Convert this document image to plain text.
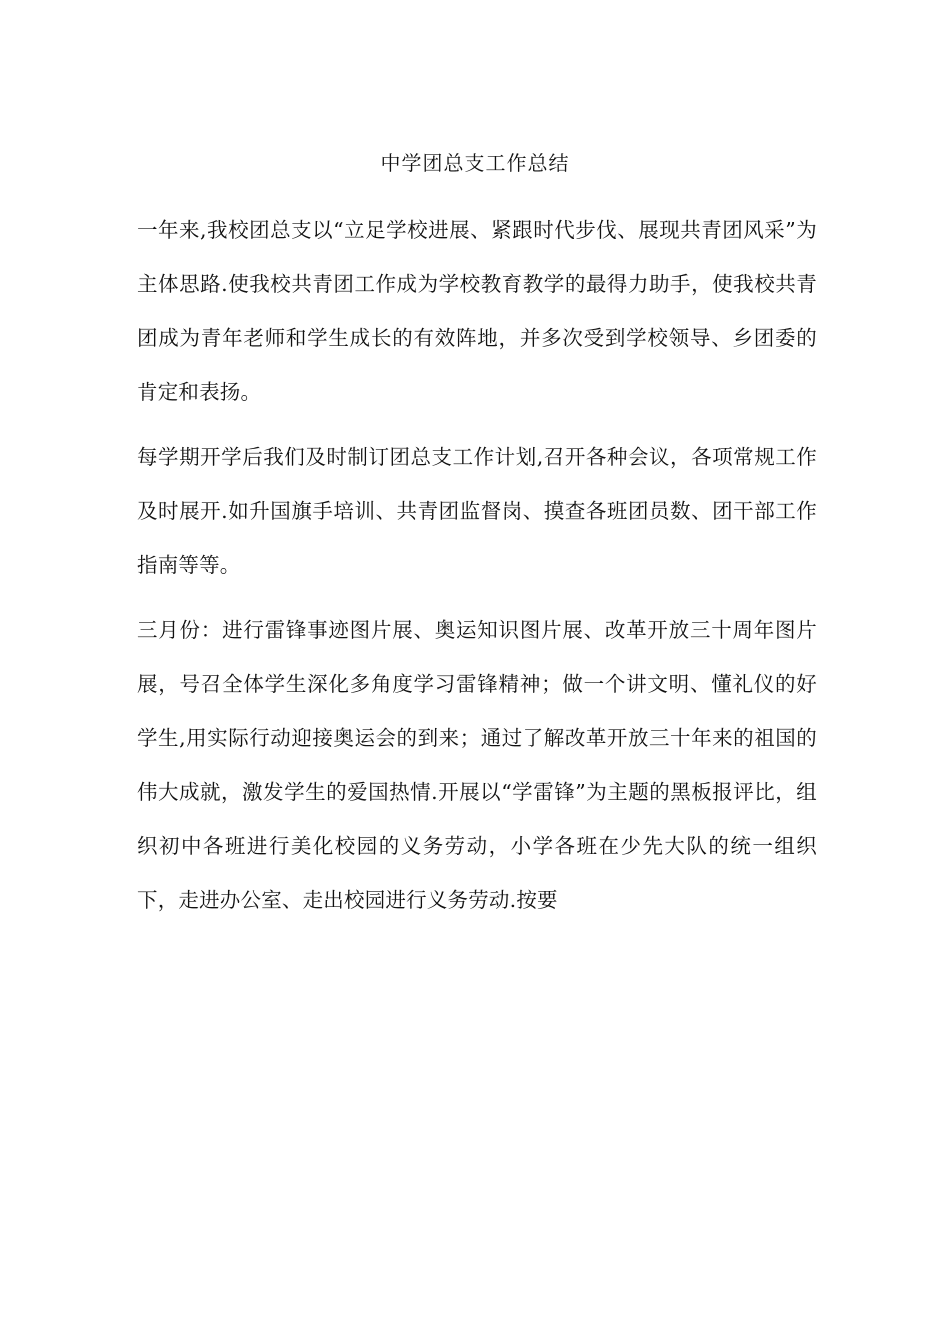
中学团总支工作总结

一年来,我校团总支以“立足学校进展、紧跟时代步伐、展现共青团风采”为主体思路.使我校共青团工作成为学校教育教学的最得力助手，使我校共青团成为青年老师和学生成长的有效阵地，并多次受到学校领导、乡团委的肯定和表扬。

每学期开学后我们及时制订团总支工作计划,召开各种会议，各项常规工作及时展开.如升国旗手培训、共青团监督岗、摸查各班团员数、团干部工作指南等等。

三月份：进行雷锋事迹图片展、奥运知识图片展、改革开放三十周年图片展，号召全体学生深化多角度学习雷锋精神；做一个讲文明、懂礼仪的好学生,用实际行动迎接奥运会的到来；通过了解改革开放三十年来的祖国的伟大成就，激发学生的爱国热情.开展以“学雷锋”为主题的黑板报评比，组织初中各班进行美化校园的义务劳动，小学各班在少先大队的统一组织下，走进办公室、走出校园进行义务劳动.按要
